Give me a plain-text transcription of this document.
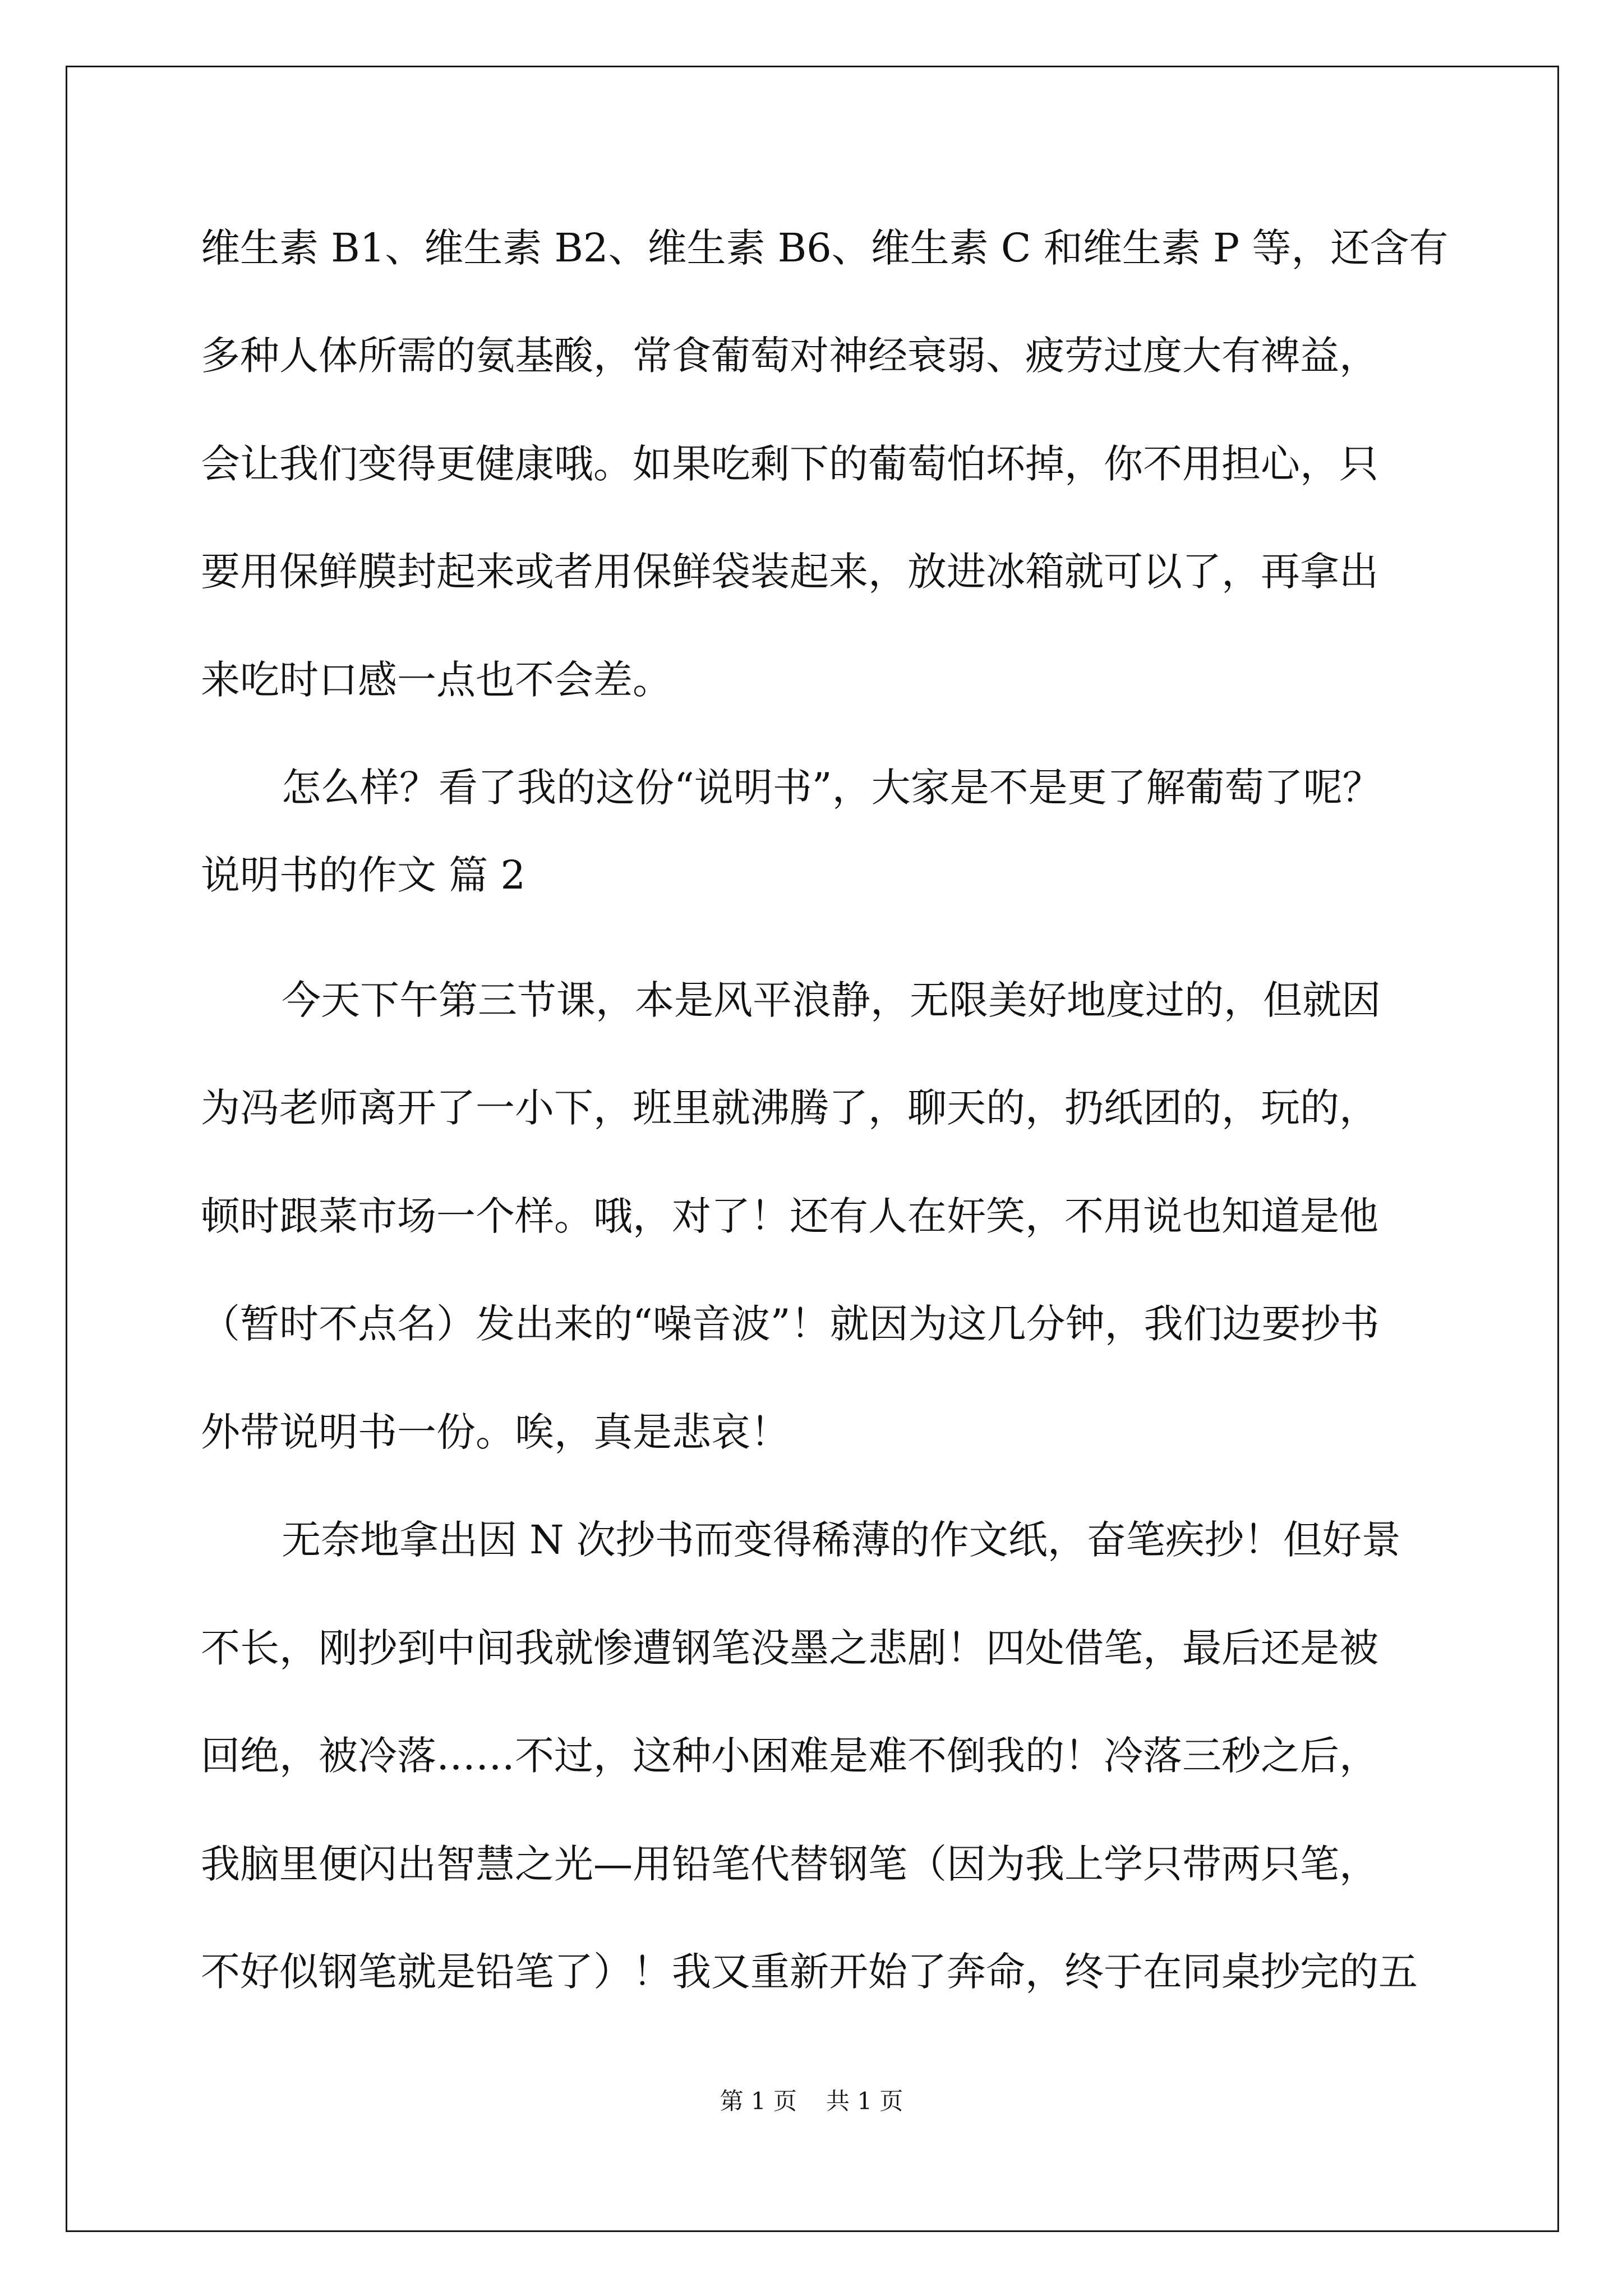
维生素 B1、维生素 B2、维生素 B6、维生素 C 和维生素 P 等，还含有

多种人体所需的氨基酸，常食葡萄对神经衰弱、疲劳过度大有裨益，

会让我们变得更健康哦。如果吃剩下的葡萄怕坏掉，你不用担心，只

要用保鲜膜封起来或者用保鲜袋装起来，放进冰箱就可以了，再拿出

来吃时口感一点也不会差。

怎么样？看了我的这份“说明书”，大家是不是更了解葡萄了呢？

说明书的作文 篇 2

今天下午第三节课，本是风平浪静，无限美好地度过的，但就因

为冯老师离开了一小下，班里就沸腾了，聊天的，扔纸团的，玩的，

顿时跟菜市场一个样。哦，对了！还有人在奸笑，不用说也知道是他

（暂时不点名）发出来的“噪音波”！就因为这几分钟，我们边要抄书

外带说明书一份。唉，真是悲哀！

无奈地拿出因 N 次抄书而变得稀薄的作文纸，奋笔疾抄！但好景

不长，刚抄到中间我就惨遭钢笔没墨之悲剧！四处借笔，最后还是被

回绝，被冷落……不过，这种小困难是难不倒我的！冷落三秒之后，

我脑里便闪出智慧之光—用铅笔代替钢笔（因为我上学只带两只笔，

不好似钢笔就是铅笔了）！我又重新开始了奔命，终于在同桌抄完的五

第 1 页 共 1 页
